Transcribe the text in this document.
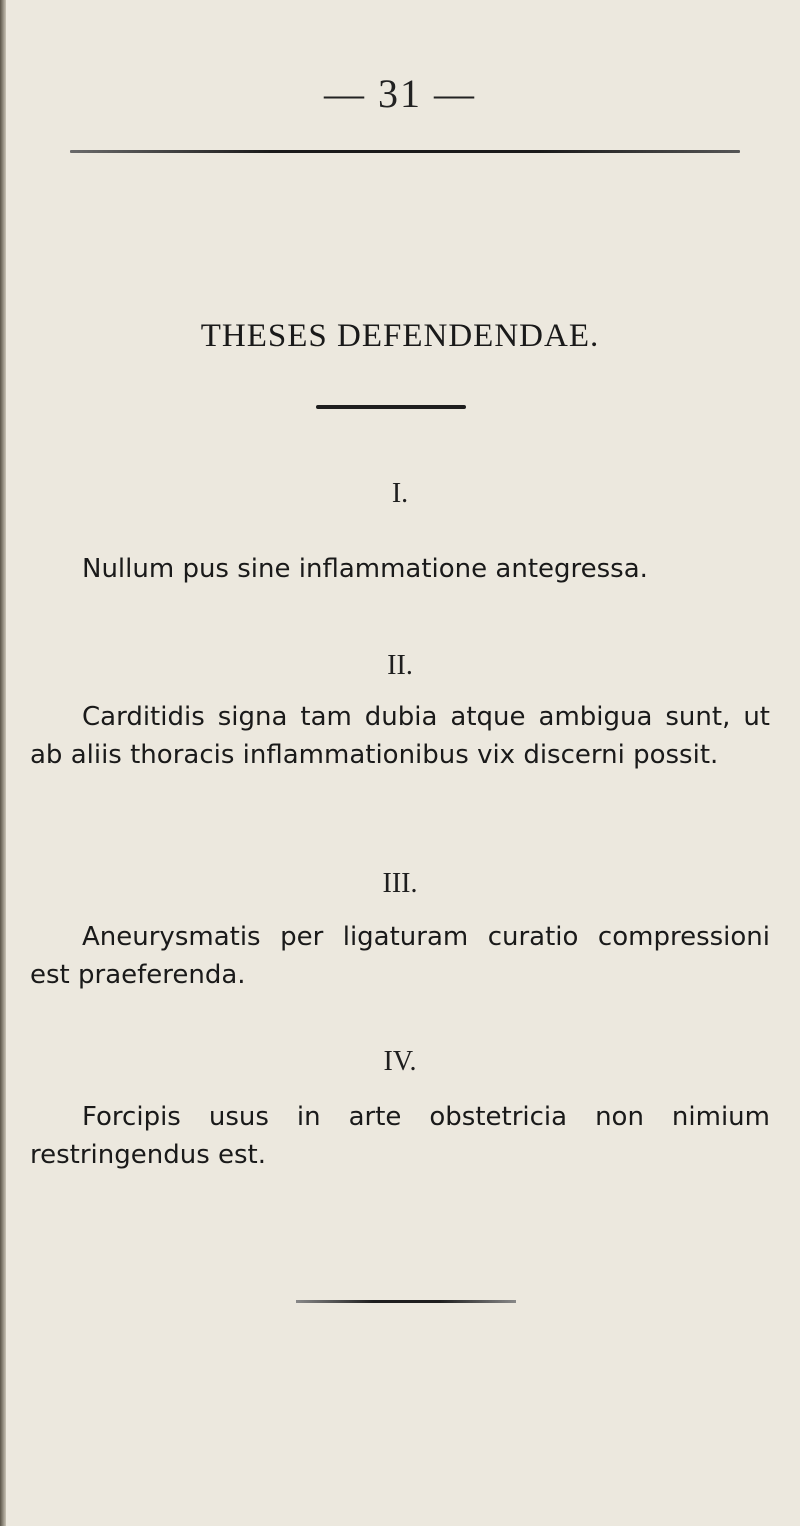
— 31 —
THESES DEFENDENDAE.
I.

Nullum pus sine inflammatione antegressa.

II.

Carditidis signa tam dubia atque ambigua sunt, ut ab aliis thoracis inflammationibus vix discerni possit.

III.

Aneurysmatis per ligaturam curatio compressioni est praeferenda.

IV.

Forcipis usus in arte obstetricia non nimium restringendus est.
